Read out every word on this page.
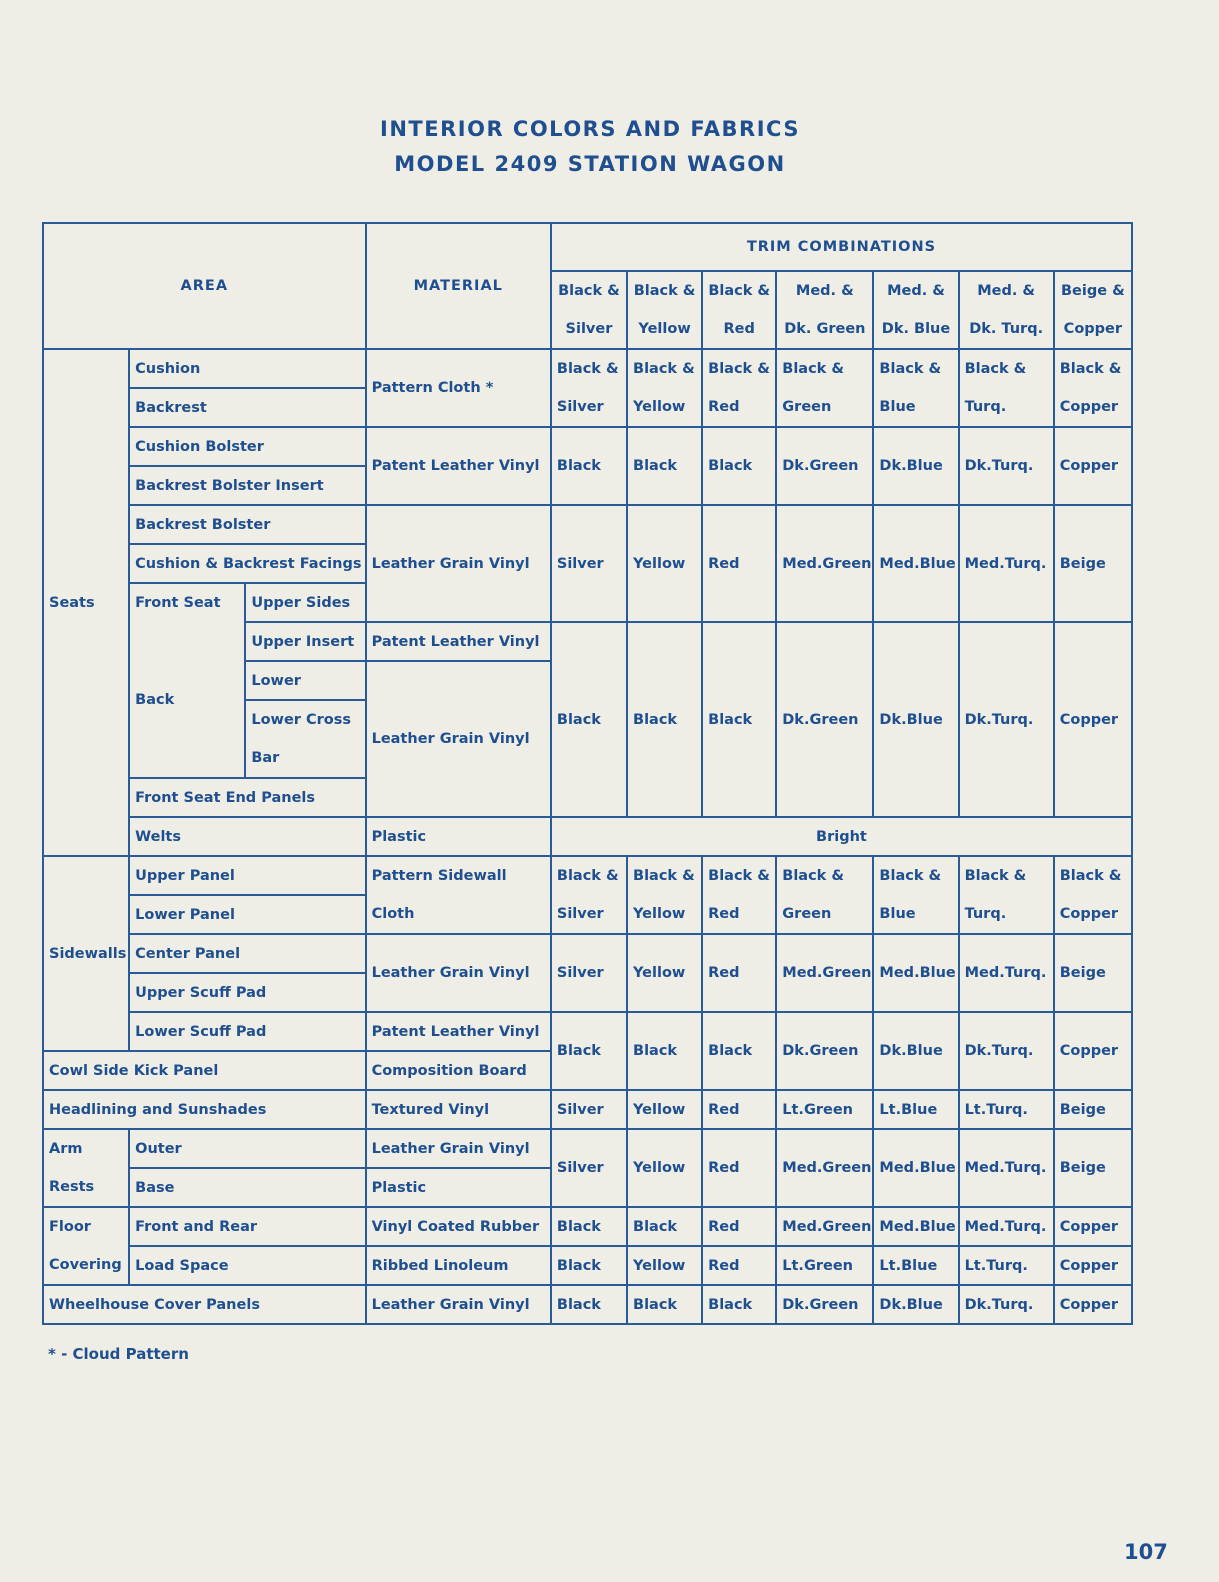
INTERIOR COLORS AND FABRICS
MODEL 2409 STATION WAGON
AREA			MATERIAL	TRIM COMBINATIONS						
				Black &	Black &	Black &	Med. &	Med. &	Med. &	Beige &
				Silver	Yellow	Red	Dk. Green	Dk. Blue	Dk. Turq.	Copper
Seats	Cushion		Pattern Cloth *	Black &	Black &	Black &	Black &	Black &	Black &	Black &
	Backrest			Silver	Yellow	Red	Green	Blue	Turq.	Copper
	Cushion Bolster		Patent Leather Vinyl	Black	Black	Black	Dk.Green	Dk.Blue	Dk.Turq.	Copper
	Backrest Bolster Insert									
	Backrest Bolster		Leather Grain Vinyl	Silver	Yellow	Red	Med.Green	Med.Blue	Med.Turq.	Beige
	Cushion & Backrest Facings									
	Front Seat	Upper Sides								
	Back	Upper Insert	Patent Leather Vinyl	Black	Black	Black	Dk.Green	Dk.Blue	Dk.Turq.	Copper
		Lower	Leather Grain Vinyl							
		Lower Cross								
		Bar								
	Front Seat End Panels									
	Welts		Plastic	Bright						
Sidewalls	Upper Panel		Pattern Sidewall	Black &	Black &	Black &	Black &	Black &	Black &	Black &
	Lower Panel		Cloth	Silver	Yellow	Red	Green	Blue	Turq.	Copper
	Center Panel		Leather Grain Vinyl	Silver	Yellow	Red	Med.Green	Med.Blue	Med.Turq.	Beige
	Upper Scuff Pad									
	Lower Scuff Pad		Patent Leather Vinyl	Black	Black	Black	Dk.Green	Dk.Blue	Dk.Turq.	Copper
Cowl Side Kick Panel			Composition Board							
Headlining and Sunshades			Textured Vinyl	Silver	Yellow	Red	Lt.Green	Lt.Blue	Lt.Turq.	Beige
Arm	Outer		Leather Grain Vinyl	Silver	Yellow	Red	Med.Green	Med.Blue	Med.Turq.	Beige
Rests	Base		Plastic							
Floor	Front and Rear		Vinyl Coated Rubber	Black	Black	Red	Med.Green	Med.Blue	Med.Turq.	Copper
Covering	Load Space		Ribbed Linoleum	Black	Yellow	Red	Lt.Green	Lt.Blue	Lt.Turq.	Copper
Wheelhouse Cover Panels			Leather Grain Vinyl	Black	Black	Black	Dk.Green	Dk.Blue	Dk.Turq.	Copper
* - Cloud Pattern
107
